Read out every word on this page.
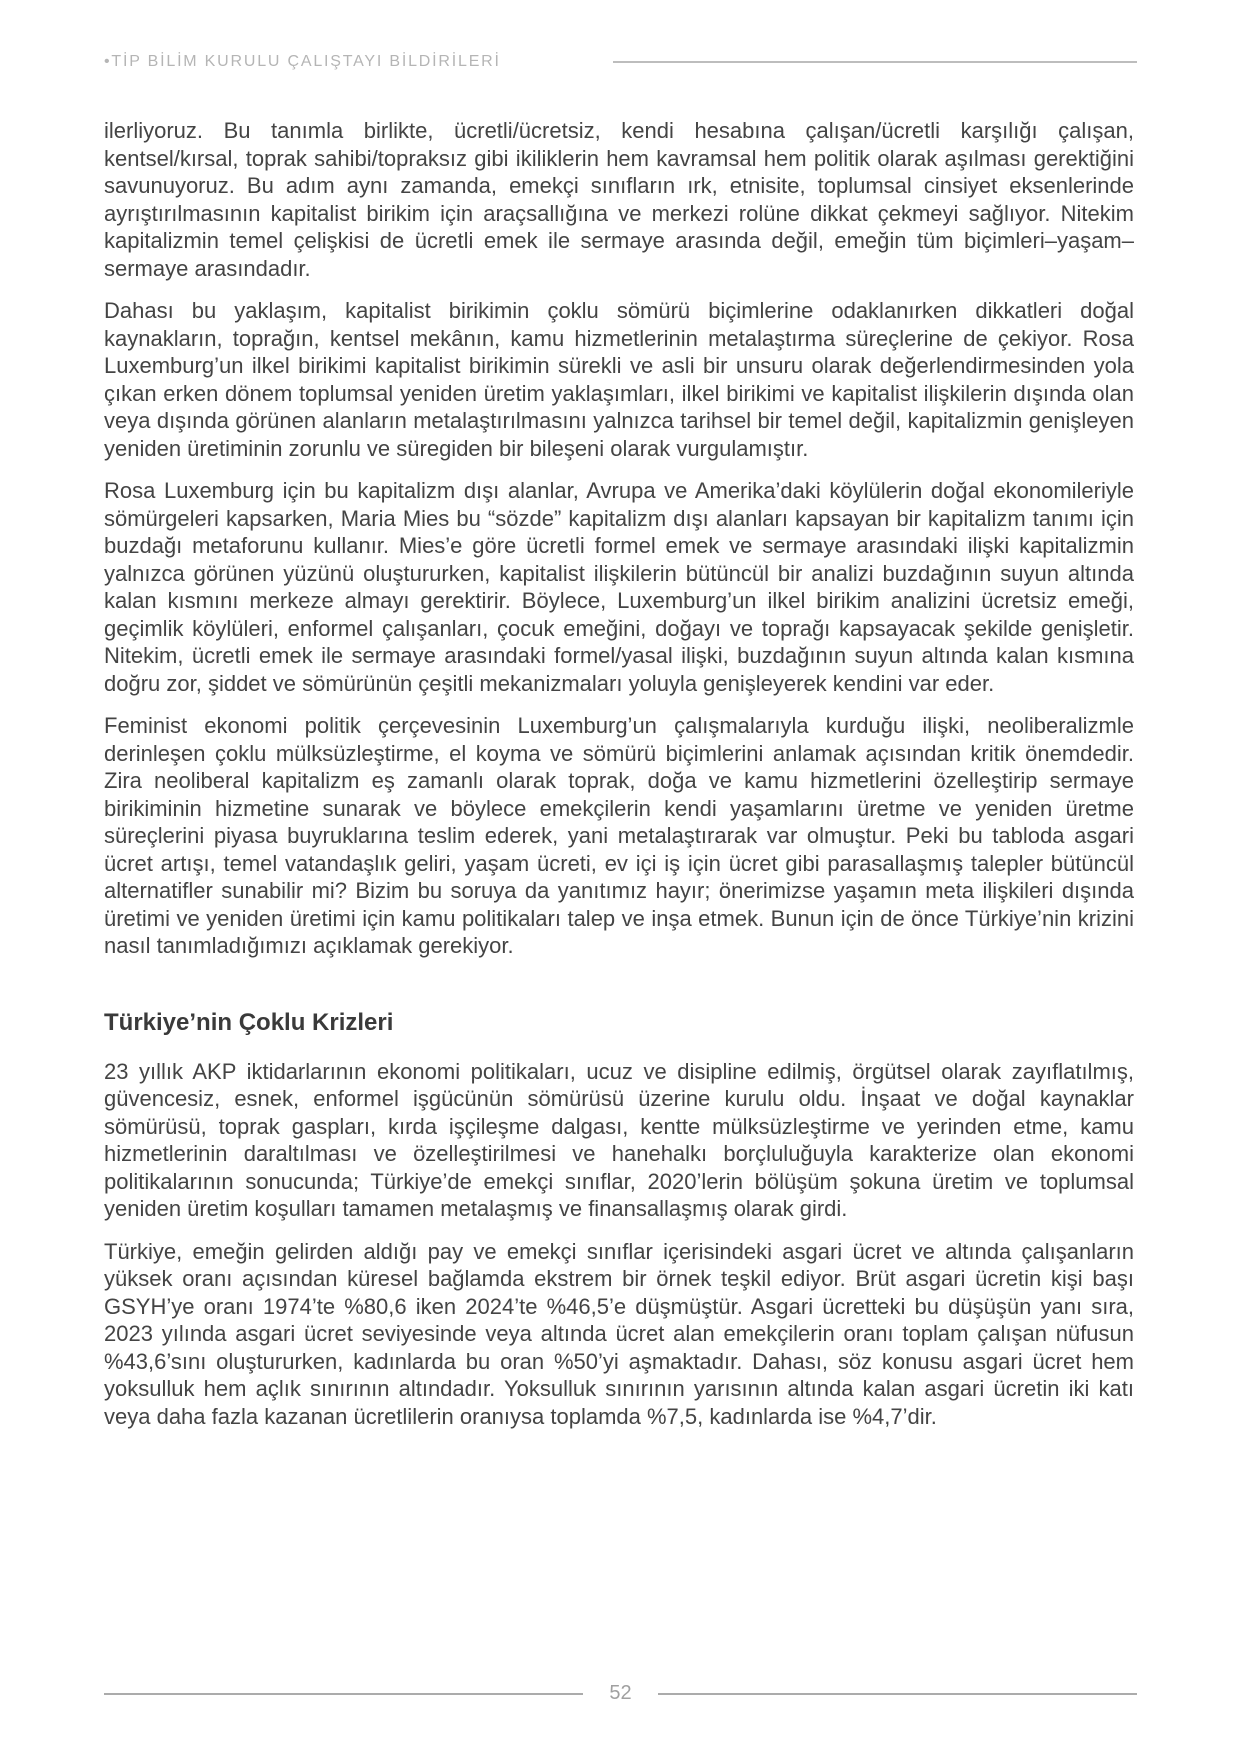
•TİP BİLİM KURULU ÇALIŞTAYI BİLDİRİLERİ

ilerliyoruz. Bu tanımla birlikte, ücretli/ücretsiz, kendi hesabına çalışan/ücretli karşılığı çalışan, kentsel/kırsal, toprak sahibi/topraksız gibi ikiliklerin hem kavramsal hem politik olarak aşılması gerektiğini savunuyoruz. Bu adım aynı zamanda, emekçi sınıfların ırk, etnisite, toplumsal cinsiyet eksenlerinde ayrıştırılmasının kapitalist birikim için araçsallığına ve merkezi rolüne dikkat çekmeyi sağlıyor. Nitekim kapitalizmin temel çelişkisi de ücretli emek ile sermaye arasında değil, emeğin tüm biçimleri–yaşam–sermaye arasındadır.

Dahası bu yaklaşım, kapitalist birikimin çoklu sömürü biçimlerine odaklanırken dikkatleri doğal kaynakların, toprağın, kentsel mekânın, kamu hizmetlerinin metalaştırma süreçlerine de çekiyor. Rosa Luxemburg’un ilkel birikimi kapitalist birikimin sürekli ve asli bir unsuru olarak değerlendirmesinden yola çıkan erken dönem toplumsal yeniden üretim yaklaşımları, ilkel birikimi ve kapitalist ilişkilerin dışında olan veya dışında görünen alanların metalaştırılmasını yalnızca tarihsel bir temel değil, kapitalizmin genişleyen yeniden üretiminin zorunlu ve süregiden bir bileşeni olarak vurgulamıştır.

Rosa Luxemburg için bu kapitalizm dışı alanlar, Avrupa ve Amerika’daki köylülerin doğal ekonomileriyle sömürgeleri kapsarken, Maria Mies bu “sözde” kapitalizm dışı alanları kapsayan bir kapitalizm tanımı için buzdağı metaforunu kullanır. Mies’e göre ücretli formel emek ve sermaye arasındaki ilişki kapitalizmin yalnızca görünen yüzünü oluştururken, kapitalist ilişkilerin bütüncül bir analizi buzdağının suyun altında kalan kısmını merkeze almayı gerektirir. Böylece, Luxemburg’un ilkel birikim analizini ücretsiz emeği, geçimlik köylüleri, enformel çalışanları, çocuk emeğini, doğayı ve toprağı kapsayacak şekilde genişletir. Nitekim, ücretli emek ile sermaye arasındaki formel/yasal ilişki, buzdağının suyun altında kalan kısmına doğru zor, şiddet ve sömürünün çeşitli mekanizmaları yoluyla genişleyerek kendini var eder.

Feminist ekonomi politik çerçevesinin Luxemburg’un çalışmalarıyla kurduğu ilişki, neoliberalizmle derinleşen çoklu mülksüzleştirme, el koyma ve sömürü biçimlerini anlamak açısından kritik önemdedir. Zira neoliberal kapitalizm eş zamanlı olarak toprak, doğa ve kamu hizmetlerini özelleştirip sermaye birikiminin hizmetine sunarak ve böylece emekçilerin kendi yaşamlarını üretme ve yeniden üretme süreçlerini piyasa buyruklarına teslim ederek, yani metalaştırarak var olmuştur. Peki bu tabloda asgari ücret artışı, temel vatandaşlık geliri, yaşam ücreti, ev içi iş için ücret gibi parasallaşmış talepler bütüncül alternatifler sunabilir mi? Bizim bu soruya da yanıtımız hayır; önerimizse yaşamın meta ilişkileri dışında üretimi ve yeniden üretimi için kamu politikaları talep ve inşa etmek. Bunun için de önce Türkiye’nin krizini nasıl tanımladığımızı açıklamak gerekiyor.

Türkiye’nin Çoklu Krizleri

23 yıllık AKP iktidarlarının ekonomi politikaları, ucuz ve disipline edilmiş, örgütsel olarak zayıflatılmış, güvencesiz, esnek, enformel işgücünün sömürüsü üzerine kurulu oldu. İnşaat ve doğal kaynaklar sömürüsü, toprak gaspları, kırda işçileşme dalgası, kentte mülksüzleştirme ve yerinden etme, kamu hizmetlerinin daraltılması ve özelleştirilmesi ve hanehalkı borçluluğuyla karakterize olan ekonomi politikalarının sonucunda; Türkiye’de emekçi sınıflar, 2020’lerin bölüşüm şokuna üretim ve toplumsal yeniden üretim koşulları tamamen metalaşmış ve finansallaşmış olarak girdi.

Türkiye, emeğin gelirden aldığı pay ve emekçi sınıflar içerisindeki asgari ücret ve altında çalışanların yüksek oranı açısından küresel bağlamda ekstrem bir örnek teşkil ediyor. Brüt asgari ücretin kişi başı GSYH’ye oranı 1974’te %80,6 iken 2024’te %46,5’e düşmüştür. Asgari ücretteki bu düşüşün yanı sıra, 2023 yılında asgari ücret seviyesinde veya altında ücret alan emekçilerin oranı toplam çalışan nüfusun %43,6’sını oluştururken, kadınlarda bu oran %50’yi aşmaktadır. Dahası, söz konusu asgari ücret hem yoksulluk hem açlık sınırının altındadır. Yoksulluk sınırının yarısının altında kalan asgari ücretin iki katı veya daha fazla kazanan ücretlilerin oranıysa toplamda %7,5, kadınlarda ise %4,7’dir.

52
